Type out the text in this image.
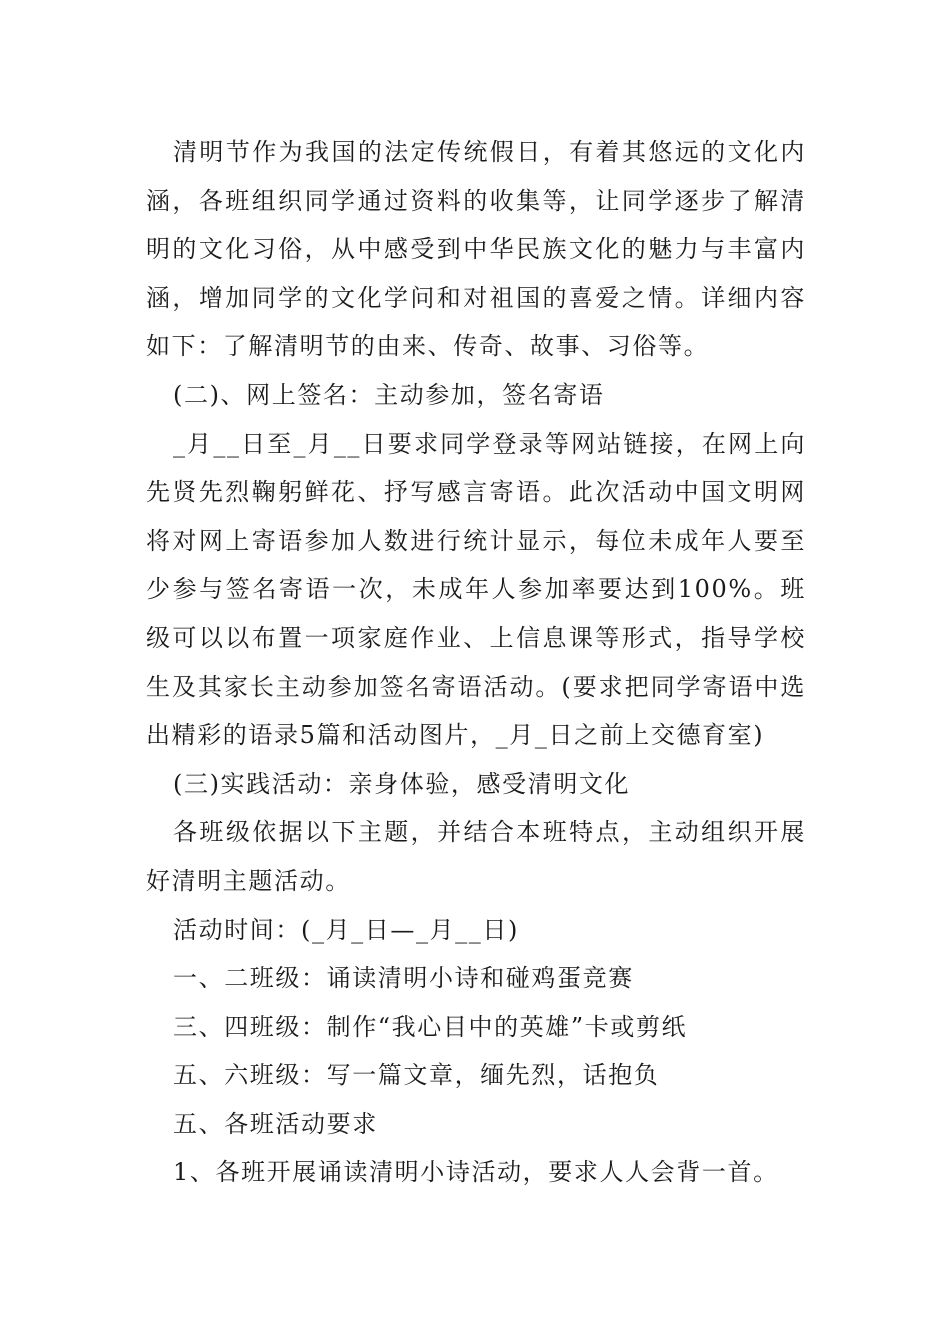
清明节作为我国的法定传统假日，有着其悠远的文化内涵，各班组织同学通过资料的收集等，让同学逐步了解清明的文化习俗，从中感受到中华民族文化的魅力与丰富内涵，增加同学的文化学问和对祖国的喜爱之情。详细内容如下：了解清明节的由来、传奇、故事、习俗等。

(二)、网上签名：主动参加，签名寄语

_月__日至_月__日要求同学登录等网站链接，在网上向先贤先烈鞠躬鲜花、抒写感言寄语。此次活动中国文明网将对网上寄语参加人数进行统计显示，每位未成年人要至少参与签名寄语一次，未成年人参加率要达到100%。班级可以以布置一项家庭作业、上信息课等形式，指导学校生及其家长主动参加签名寄语活动。(要求把同学寄语中选出精彩的语录5篇和活动图片，_月_日之前上交德育室)

(三)实践活动：亲身体验，感受清明文化

各班级依据以下主题，并结合本班特点，主动组织开展好清明主题活动。

活动时间：(_月_日—_月__日)

一、二班级：诵读清明小诗和碰鸡蛋竞赛

三、四班级：制作“我心目中的英雄”卡或剪纸

五、六班级：写一篇文章，缅先烈，话抱负

五、各班活动要求

1、各班开展诵读清明小诗活动，要求人人会背一首。
